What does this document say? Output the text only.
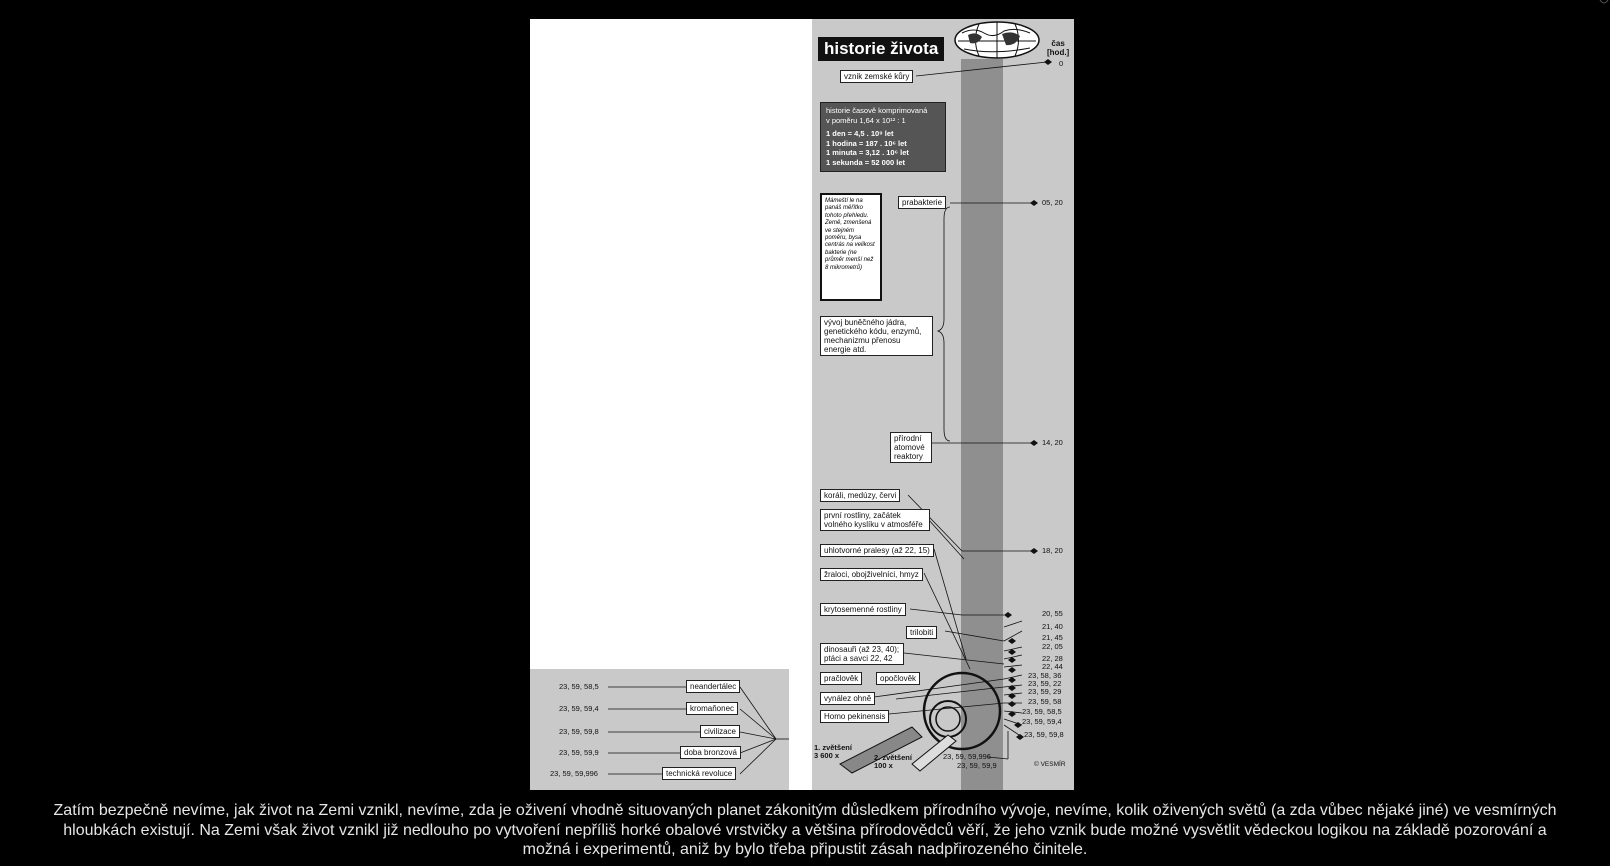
historie života	čas
[hod.]
historie časově komprimovaná
v poměru 1,64 x 10¹² : 1
1 den = 4,5 . 10⁹ let
1 hodina = 187 . 10⁶ let
1 minuta = 3,12 . 10⁶ let
1 sekunda = 52 000 let
Mámeští le na panáš měřítko tohoto přehledu. Země, zmenšená ve stejném poměru, bysa centrás na velikost bakterie (ne průměr menší než 8 mikrometrů)
vznik zemské kůry
prabakterie
vývoj buněčného jádra, genetického kódu, enzymů, mechanizmu přenosu energie atd.
přírodní atomové reaktory
koráli, medúzy, červi
první rostliny, začátek volného kyslíku v atmosféře
uhlotvorné pralesy (až 22, 15)
žraloci, obojživelníci, hmyz
krytosemenné rostliny
trilobiti
dinosauři (až 23, 40); ptáci a savci 22, 42
pračlověk	opočlověk
vynález ohně
Homo pekinensis
0
05, 20
14, 20
18, 20
20, 55
21, 40
21, 45
22, 05
22, 28
22, 44
23, 58, 36
23, 59, 22
23, 59, 29
23, 59, 58
23, 59, 58,5
23, 59, 59,4
23, 59, 59,8
23, 59, 59,996
23, 59, 59,9
1. zvětšení
3 600 x	2. zvětšení
100 x	© VESMÍR
23, 59, 58,5	neandertálec
23, 59, 59,4	kromaňonec
23, 59, 59,8	civilizace
23, 59, 59,9	doba bronzová
23, 59, 59,996	technická revoluce
Zatím bezpečně nevíme, jak život na Zemi vznikl, nevíme, zda je oživení vhodně situovaných planet zákonitým důsledkem přírodního vývoje, nevíme, kolik oživených světů (a zda vůbec nějaké jiné) ve vesmírných hloubkách existují. Na Zemi však život vznikl již nedlouho po vytvoření nepříliš horké obalové vrstvičky a většina přírodovědců věří, že jeho vznik bude možné vysvětlit vědeckou logikou na základě pozorování a možná i experimentů, aniž by bylo třeba připustit zásah nadpřirozeného činitele.
